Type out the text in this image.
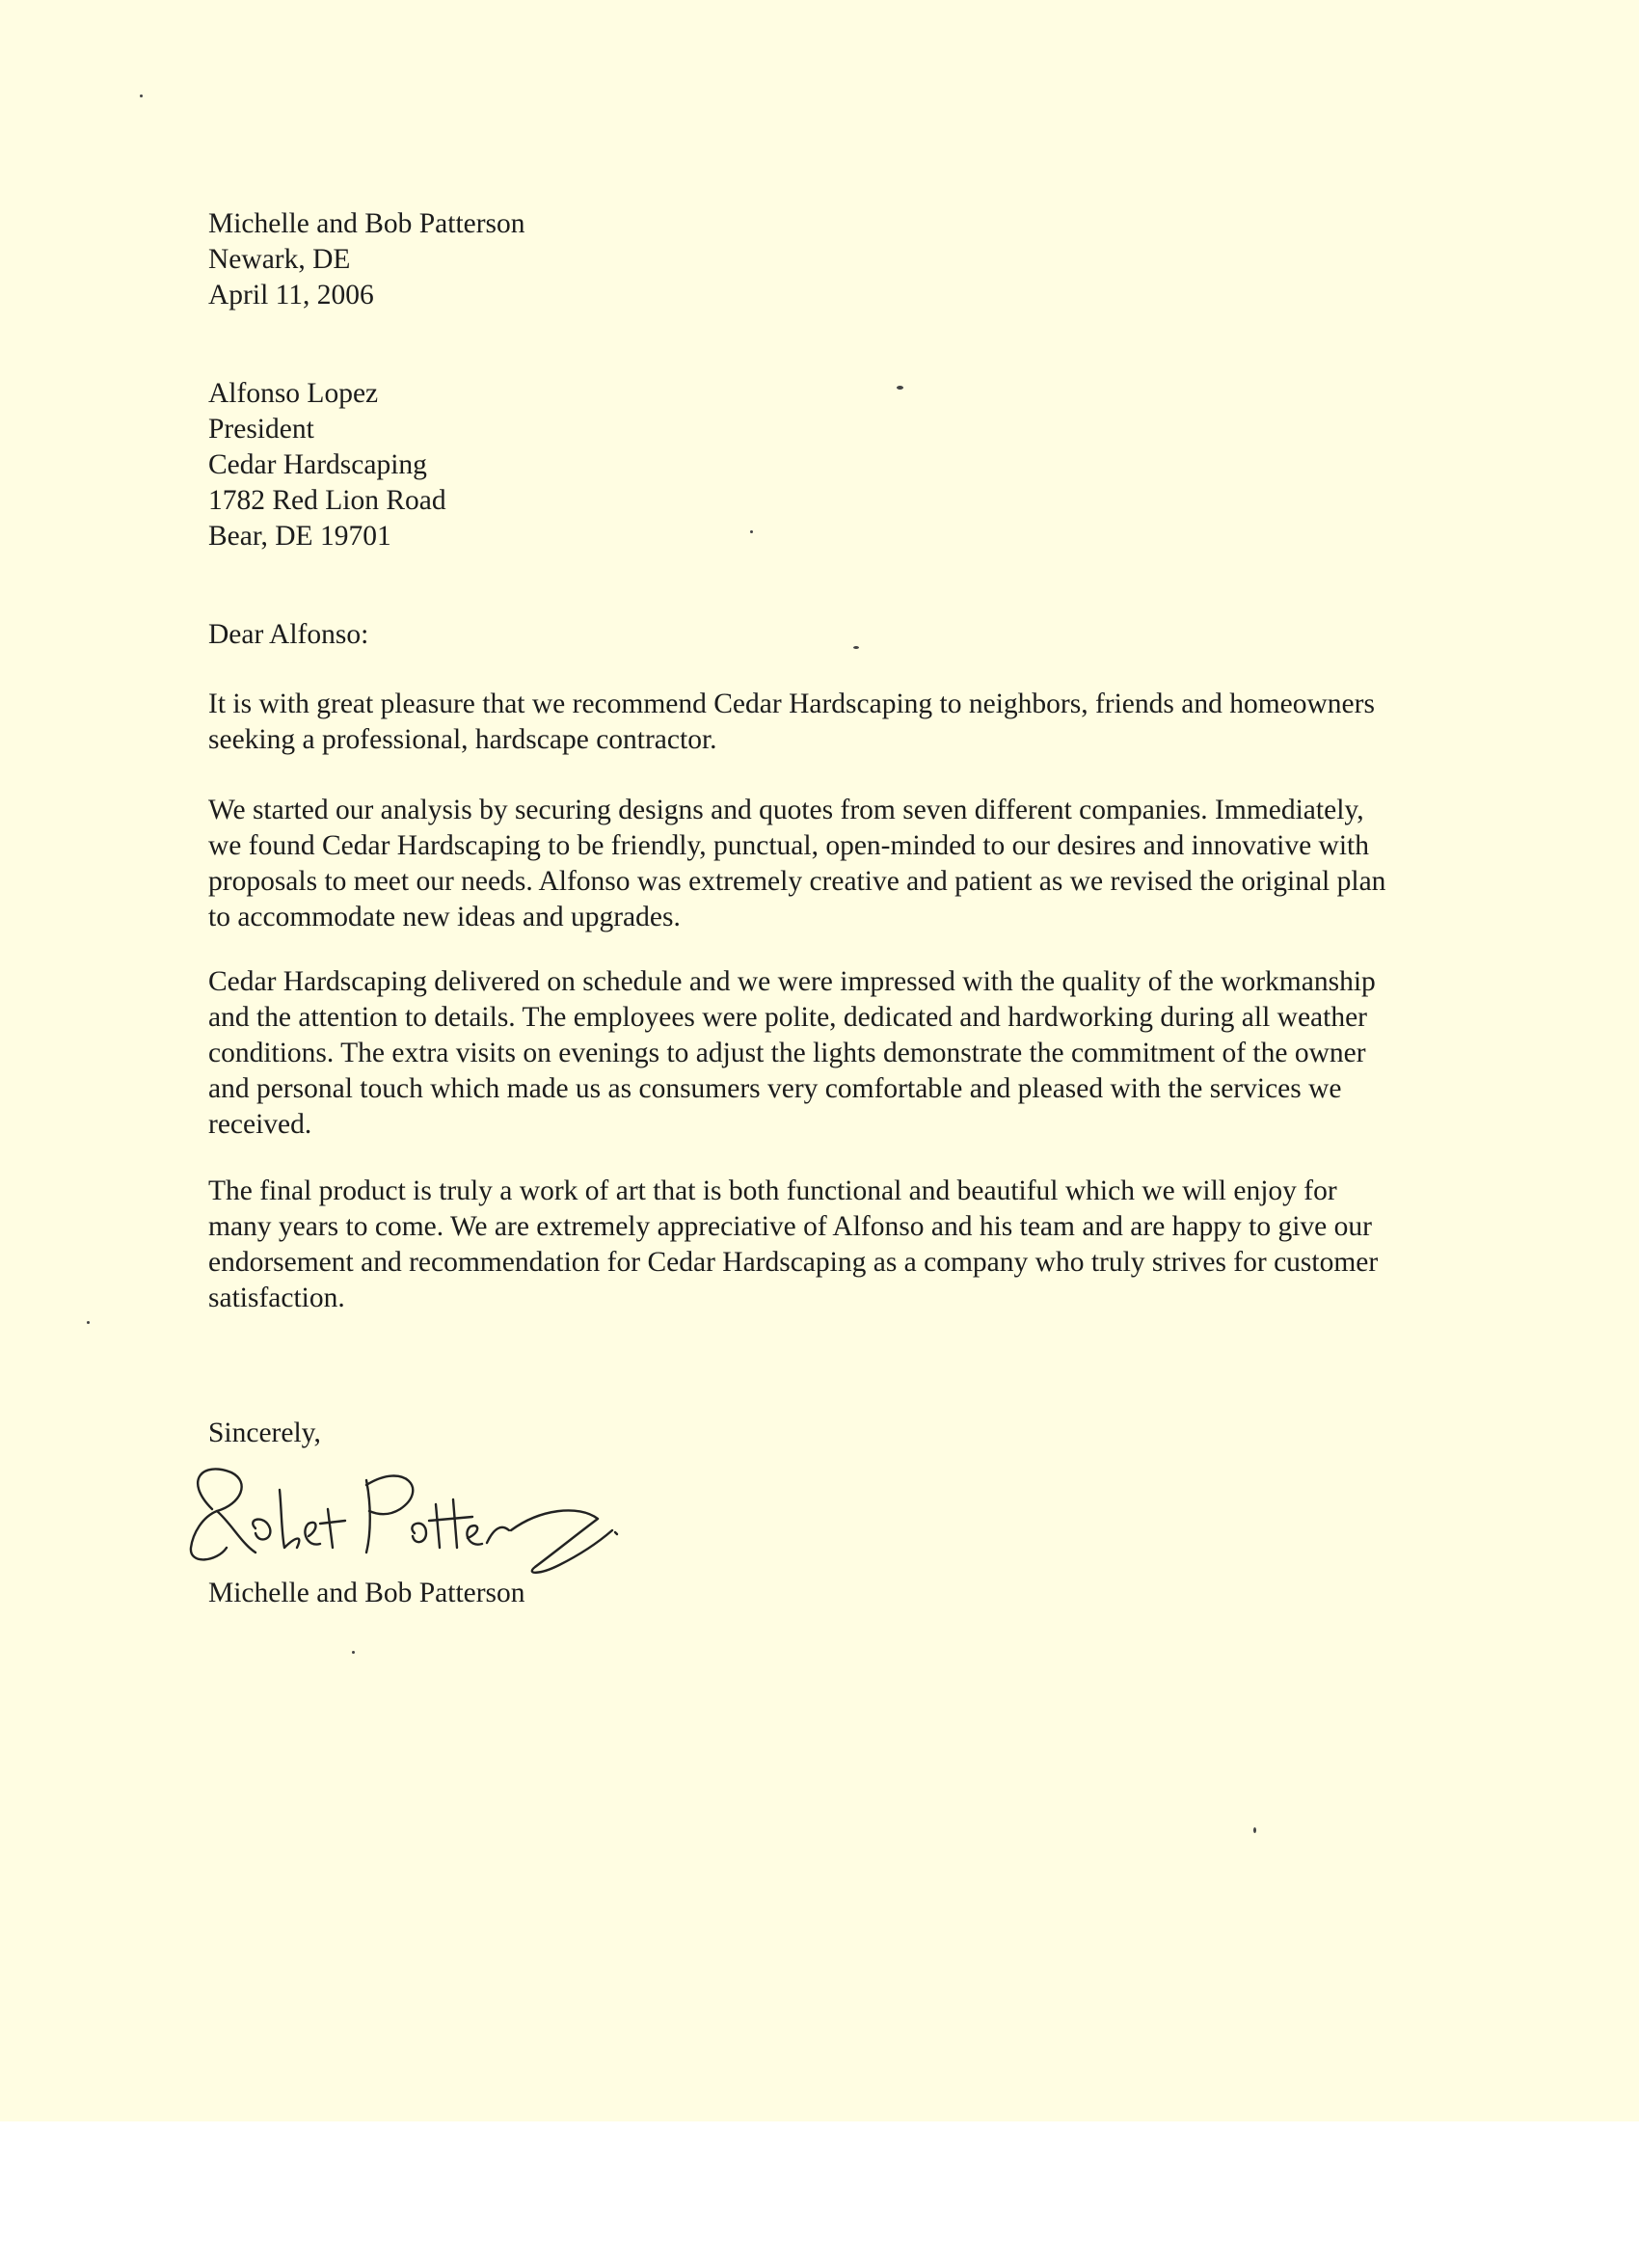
Michelle and Bob Patterson
Newark, DE
April 11, 2006
Alfonso Lopez
President
Cedar Hardscaping
1782 Red Lion Road
Bear, DE 19701

Dear Alfonso:

It is with great pleasure that we recommend Cedar Hardscaping to neighbors, friends and homeowners seeking a professional, hardscape contractor.

We started our analysis by securing designs and quotes from seven different companies. Immediately, we found Cedar Hardscaping to be friendly, punctual, open-minded to our desires and innovative with proposals to meet our needs. Alfonso was extremely creative and patient as we revised the original plan to accommodate new ideas and upgrades.

Cedar Hardscaping delivered on schedule and we were impressed with the quality of the workmanship and the attention to details. The employees were polite, dedicated and hardworking during all weather conditions. The extra visits on evenings to adjust the lights demonstrate the commitment of the owner and personal touch which made us as consumers very comfortable and pleased with the services we received.

The final product is truly a work of art that is both functional and beautiful which we will enjoy for many years to come. We are extremely appreciative of Alfonso and his team and are happy to give our endorsement and recommendation for Cedar Hardscaping as a company who truly strives for customer satisfaction.

Sincerely,

Michelle and Bob Patterson
